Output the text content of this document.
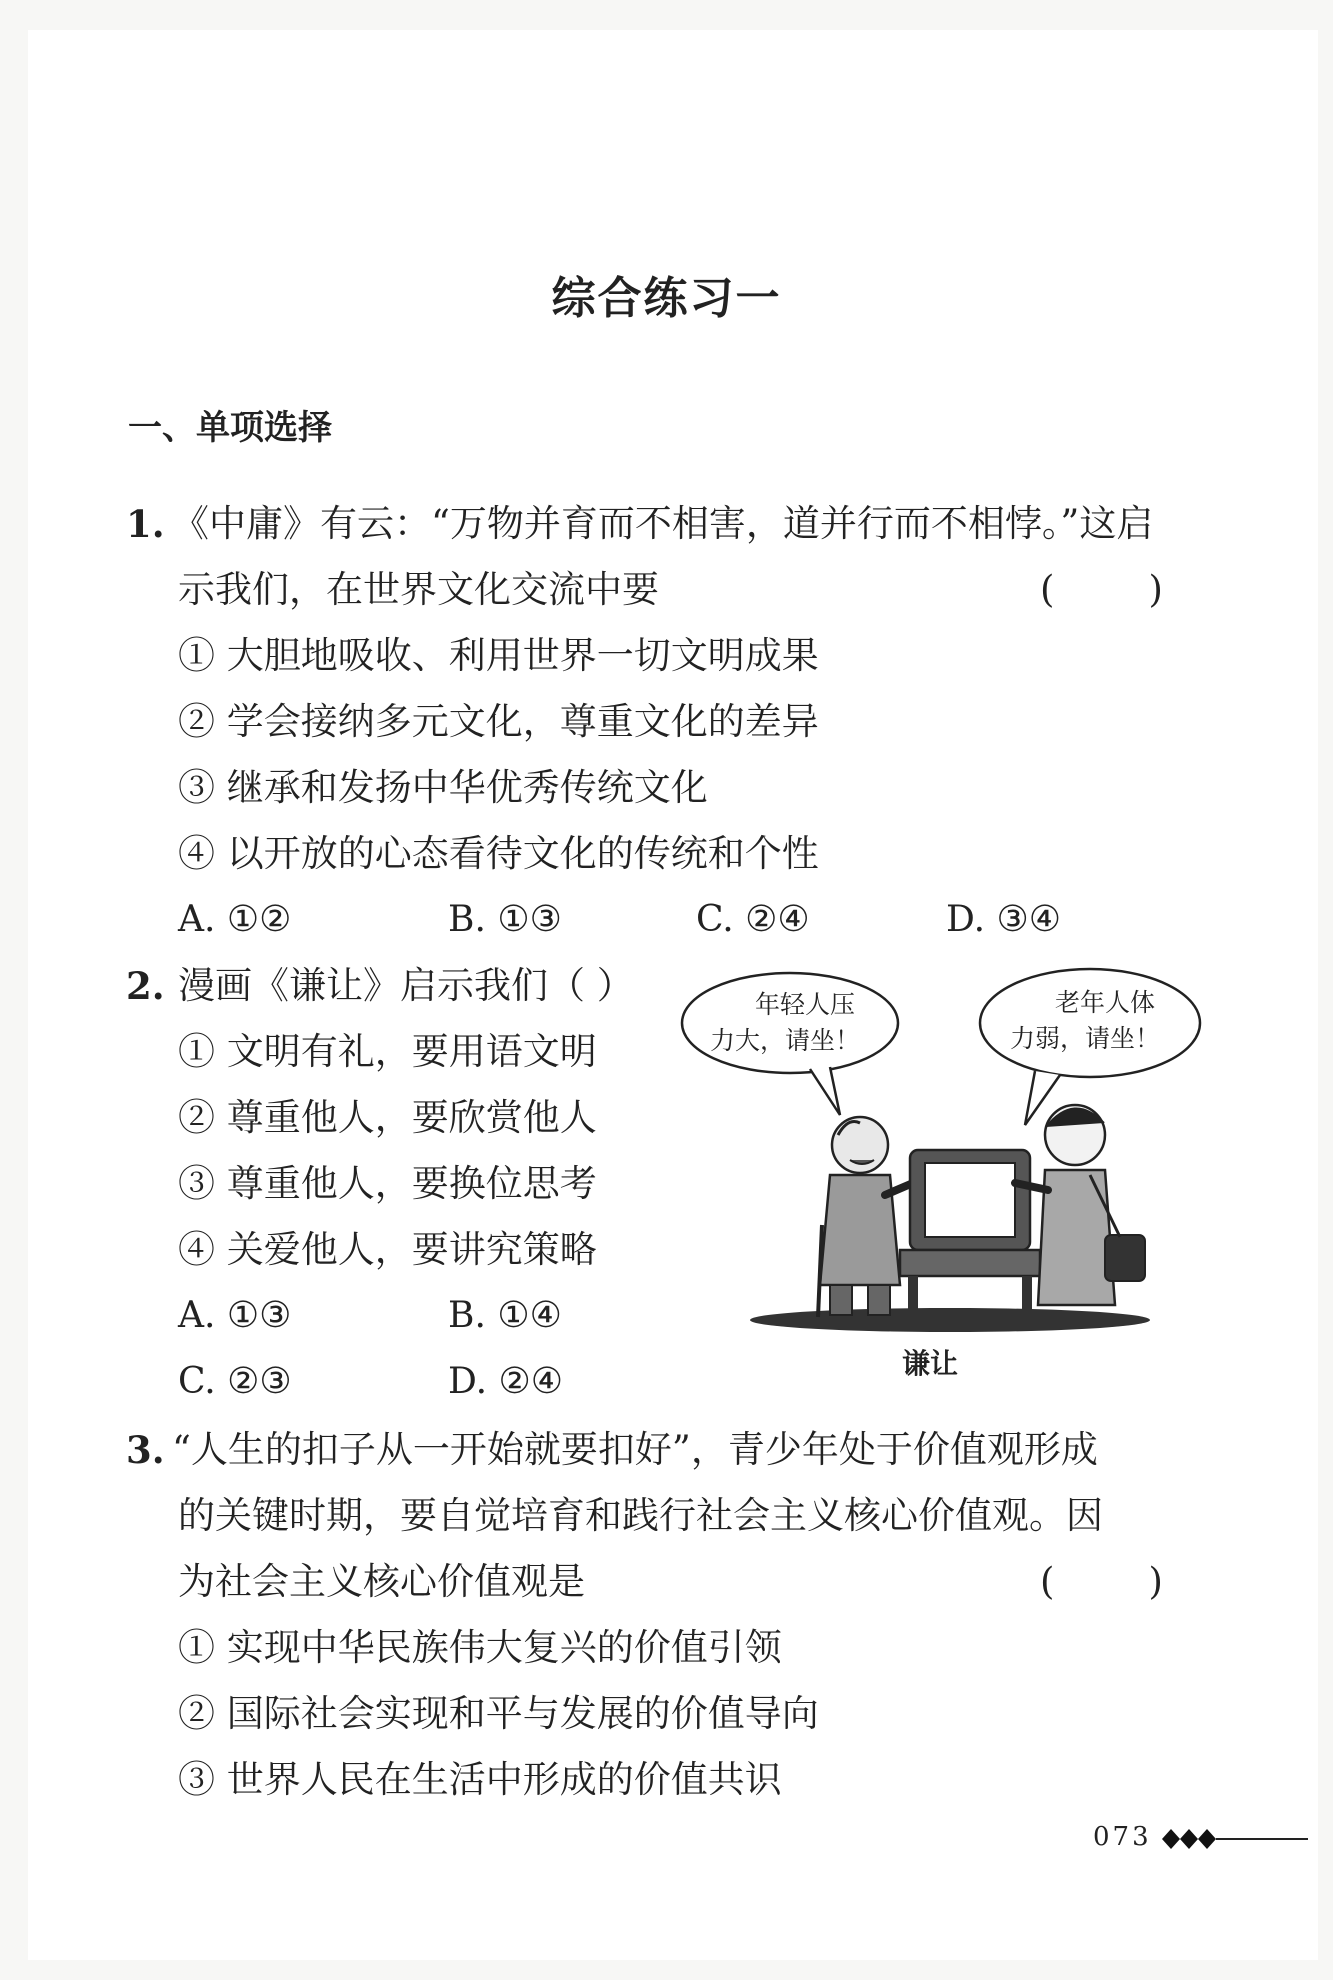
综合练习一
一、单项选择
1. 《中庸》有云：“万物并育而不相害，道并行而不相悖。”这启
示我们，在世界文化交流中要	(        )
① 大胆地吸收、利用世界一切文明成果
② 学会接纳多元文化，尊重文化的差异
③ 继承和发扬中华优秀传统文化
④ 以开放的心态看待文化的传统和个性
A. ①②	B. ①③	C. ②④	D. ③④
2. 漫画《谦让》启示我们（ ）
① 文明有礼，要用语文明
② 尊重他人，要欣赏他人
③ 尊重他人，要换位思考
④ 关爱他人，要讲究策略
A. ①③	B. ①④
C. ②③	D. ②④
年轻人压
力大，请坐！
老年人体
力弱，请坐！
谦让
3. “人生的扣子从一开始就要扣好”，青少年处于价值观形成
的关键时期，要自觉培育和践行社会主义核心价值观。因
为社会主义核心价值观是	(        )
① 实现中华民族伟大复兴的价值引领
② 国际社会实现和平与发展的价值导向
③ 世界人民在生活中形成的价值共识
073
